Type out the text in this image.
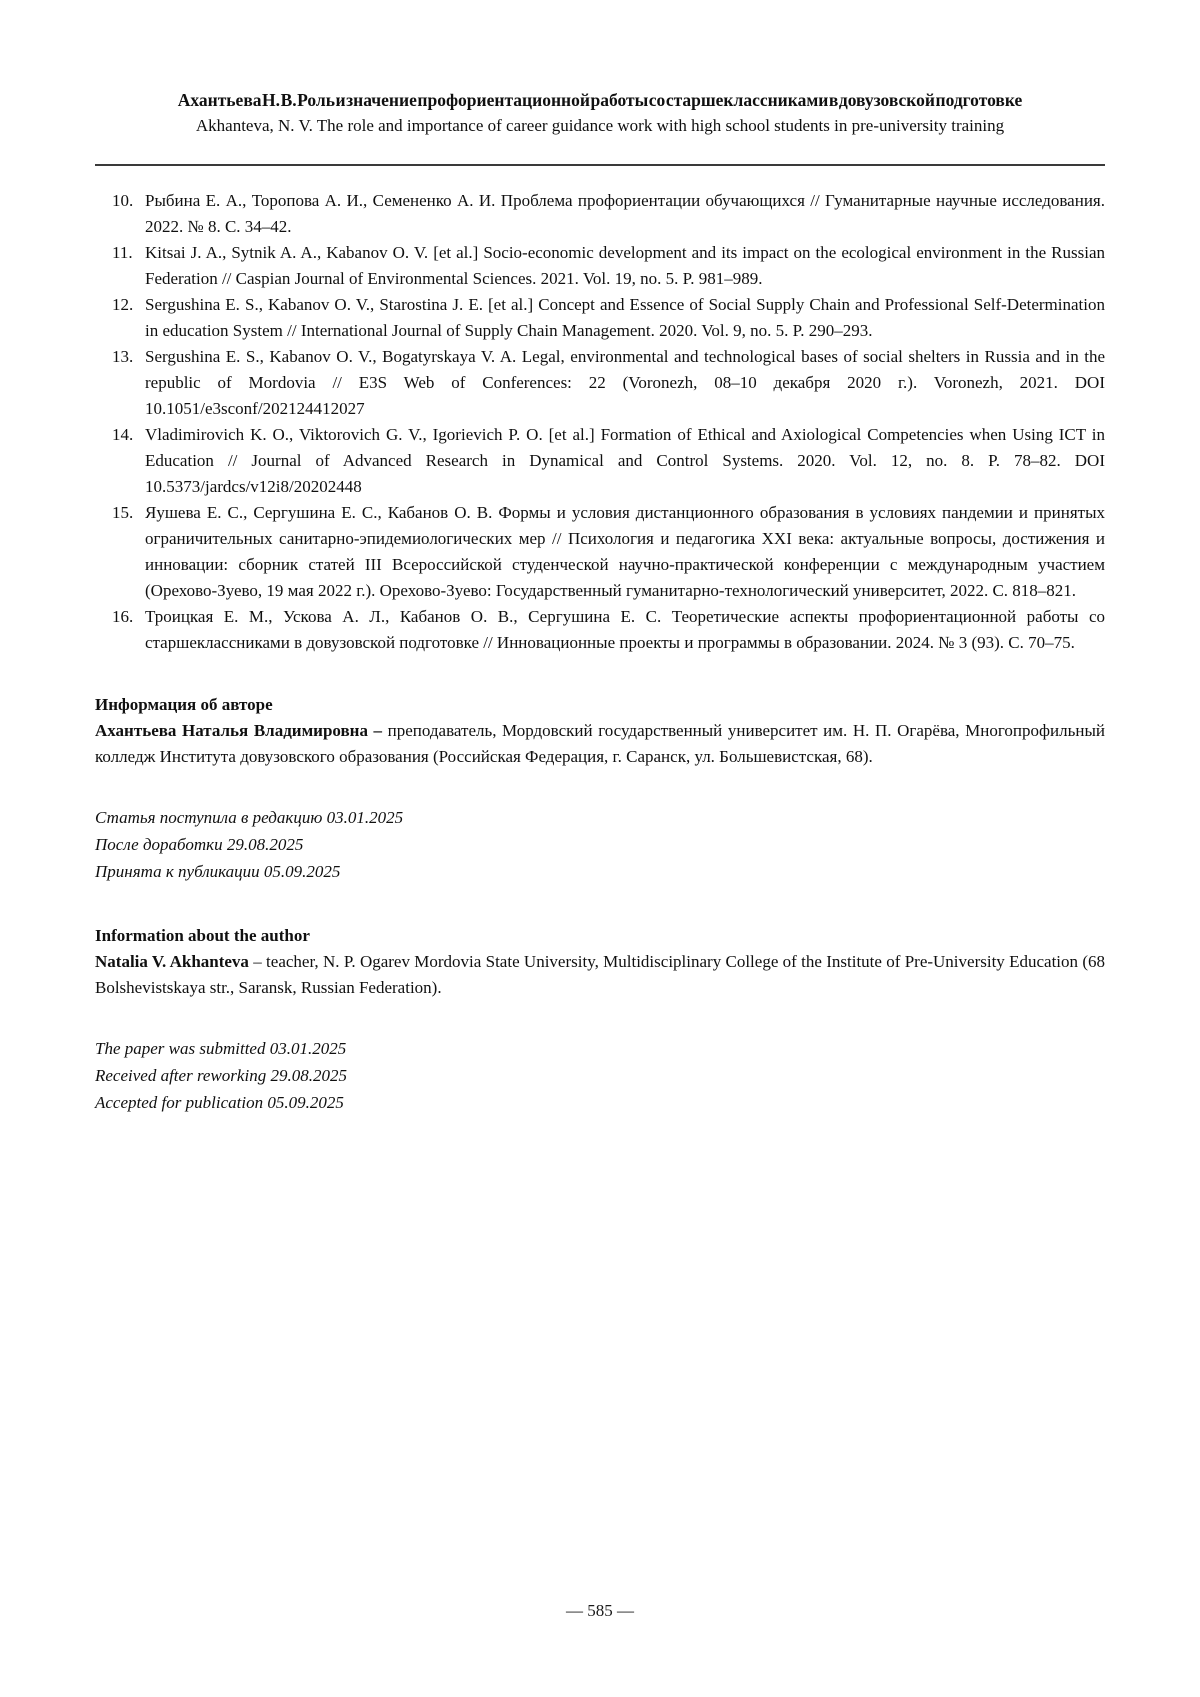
Ахантьева Н. В. Роль и значение профориентационной работы со старшеклассниками в довузовской подготовке
Akhanteva, N. V. The role and importance of career guidance work with high school students in pre-university training
10. Рыбина Е. А., Торопова А. И., Семененко А. И. Проблема профориентации обучающихся // Гуманитарные научные исследования. 2022. № 8. С. 34–42.
11. Kitsai J. A., Sytnik A. A., Kabanov O. V. [et al.] Socio-economic development and its impact on the ecological environment in the Russian Federation // Caspian Journal of Environmental Sciences. 2021. Vol. 19, no. 5. P. 981–989.
12. Sergushina E. S., Kabanov O. V., Starostina J. E. [et al.] Concept and Essence of Social Supply Chain and Professional Self-Determination in education System // International Journal of Supply Chain Management. 2020. Vol. 9, no. 5. P. 290–293.
13. Sergushina E. S., Kabanov O. V., Bogatyrskaya V. A. Legal, environmental and technological bases of social shelters in Russia and in the republic of Mordovia // E3S Web of Conferences: 22 (Voronezh, 08–10 декабря 2020 г.). Voronezh, 2021. DOI 10.1051/e3sconf/202124412027
14. Vladimirovich K. O., Viktorovich G. V., Igorievich P. O. [et al.] Formation of Ethical and Axiological Competencies when Using ICT in Education // Journal of Advanced Research in Dynamical and Control Systems. 2020. Vol. 12, no. 8. P. 78–82. DOI 10.5373/jardcs/v12i8/20202448
15. Яушева Е. С., Сергушина Е. С., Кабанов О. В. Формы и условия дистанционного образования в условиях пандемии и принятых ограничительных санитарно-эпидемиологических мер // Психология и педагогика XXI века: актуальные вопросы, достижения и инновации: сборник статей III Всероссийской студенческой научно-практической конференции с международным участием (Орехово-Зуево, 19 мая 2022 г.). Орехово-Зуево: Государственный гуманитарно-технологический университет, 2022. С. 818–821.
16. Троицкая Е. М., Ускова А. Л., Кабанов О. В., Сергушина Е. С. Теоретические аспекты профориентационной работы со старшеклассниками в довузовской подготовке // Инновационные проекты и программы в образовании. 2024. № 3 (93). С. 70–75.
Информация об авторе

Ахантьева Наталья Владимировна – преподаватель, Мордовский государственный университет им. Н. П. Огарёва, Многопрофильный колледж Института довузовского образования (Российская Федерация, г. Саранск, ул. Большевистская, 68).

Статья поступила в редакцию 03.01.2025
После доработки 29.08.2025
Принята к публикации 05.09.2025
Information about the author

Natalia V. Akhanteva – teacher, N. P. Ogarev Mordovia State University, Multidisciplinary College of the Institute of Pre-University Education (68 Bolshevistskaya str., Saransk, Russian Federation).

The paper was submitted 03.01.2025
Received after reworking 29.08.2025
Accepted for publication 05.09.2025
— 585 —
